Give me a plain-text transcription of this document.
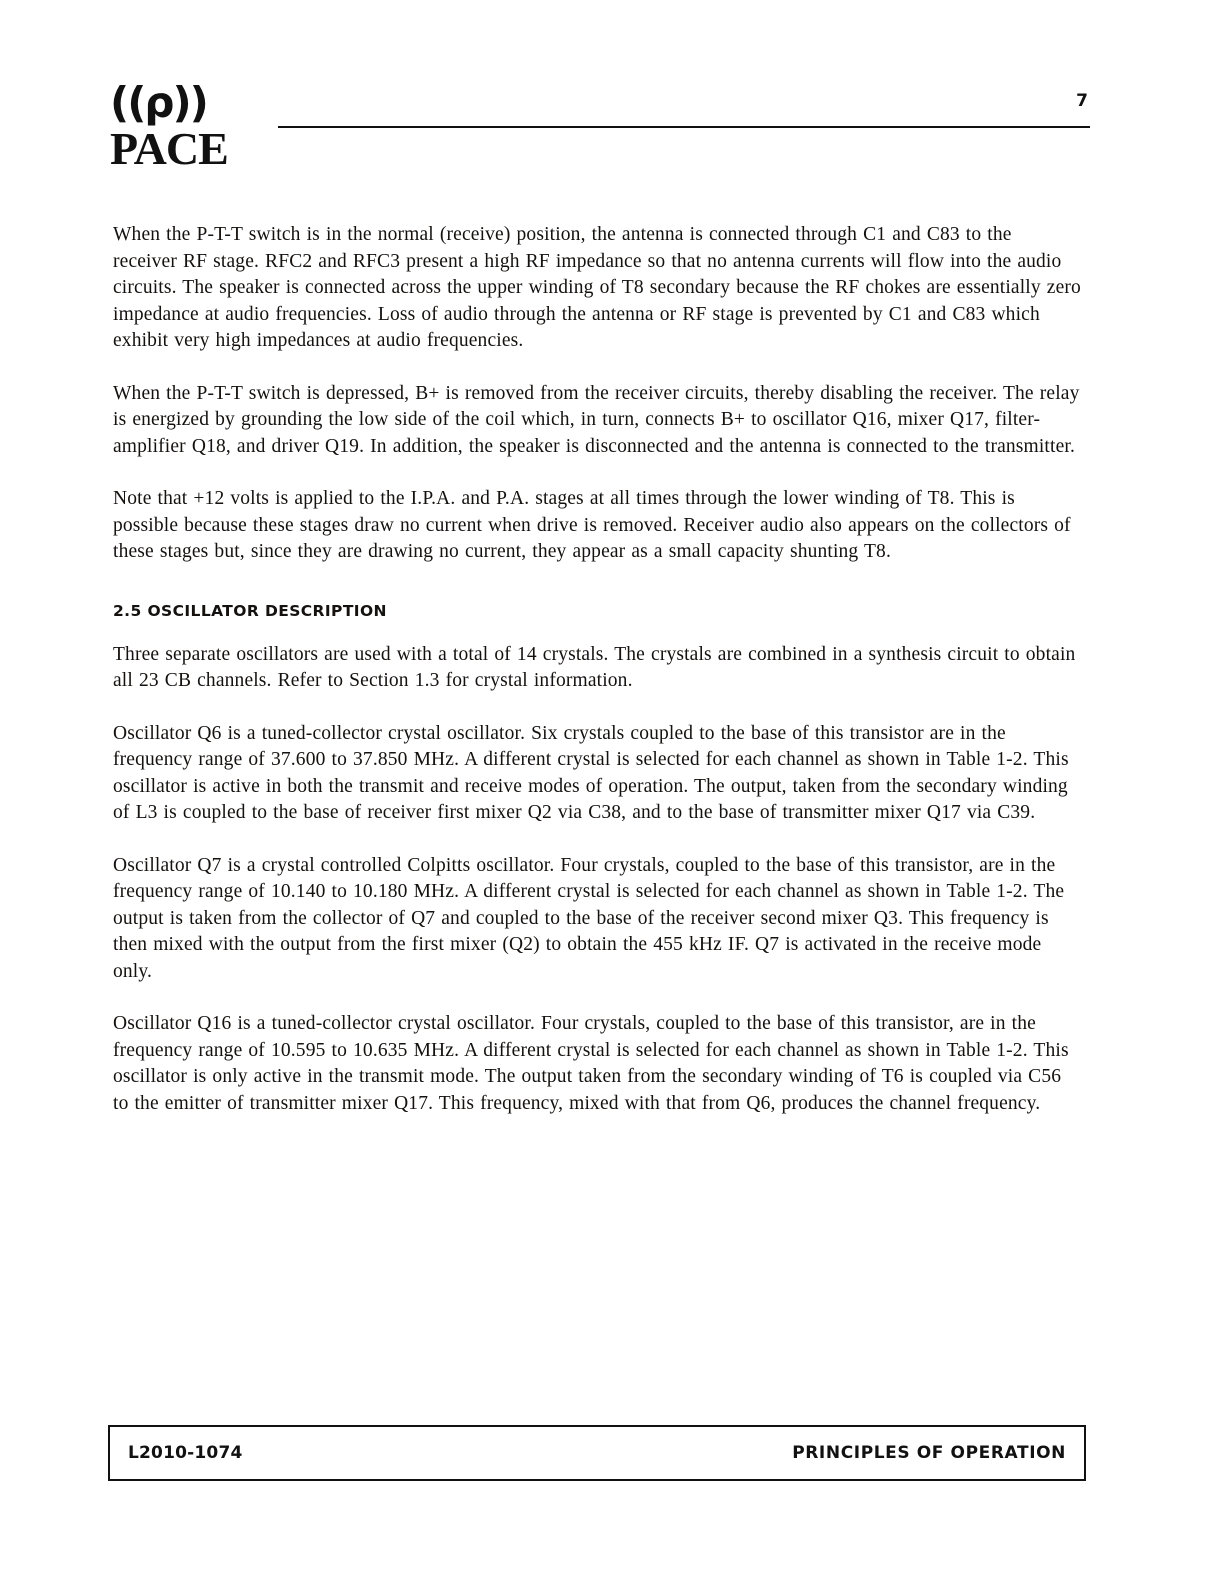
((ρ))
PACE
7

When the P-T-T switch is in the normal (receive) position, the antenna is connected through C1 and C83 to the receiver RF stage. RFC2 and RFC3 present a high RF impedance so that no antenna currents will flow into the audio circuits. The speaker is connected across the upper winding of T8 secondary because the RF chokes are essentially zero impedance at audio frequencies. Loss of audio through the antenna or RF stage is prevented by C1 and C83 which exhibit very high impedances at audio frequencies.

When the P-T-T switch is depressed, B+ is removed from the receiver circuits, thereby disabling the receiver. The relay is energized by grounding the low side of the coil which, in turn, connects B+ to oscillator Q16, mixer Q17, filter-amplifier Q18, and driver Q19. In addition, the speaker is disconnected and the antenna is connected to the transmitter.

Note that +12 volts is applied to the I.P.A. and P.A. stages at all times through the lower winding of T8. This is possible because these stages draw no current when drive is removed. Receiver audio also appears on the collectors of these stages but, since they are drawing no current, they appear as a small capacity shunting T8.

2.5 OSCILLATOR DESCRIPTION

Three separate oscillators are used with a total of 14 crystals. The crystals are combined in a synthesis circuit to obtain all 23 CB channels. Refer to Section 1.3 for crystal information.

Oscillator Q6 is a tuned-collector crystal oscillator. Six crystals coupled to the base of this transistor are in the frequency range of 37.600 to 37.850 MHz. A different crystal is selected for each channel as shown in Table 1-2. This oscillator is active in both the transmit and receive modes of operation. The output, taken from the secondary winding of L3 is coupled to the base of receiver first mixer Q2 via C38, and to the base of transmitter mixer Q17 via C39.

Oscillator Q7 is a crystal controlled Colpitts oscillator. Four crystals, coupled to the base of this transistor, are in the frequency range of 10.140 to 10.180 MHz. A different crystal is selected for each channel as shown in Table 1-2. The output is taken from the collector of Q7 and coupled to the base of the receiver second mixer Q3. This frequency is then mixed with the output from the first mixer (Q2) to obtain the 455 kHz IF. Q7 is activated in the receive mode only.

Oscillator Q16 is a tuned-collector crystal oscillator. Four crystals, coupled to the base of this transistor, are in the frequency range of 10.595 to 10.635 MHz. A different crystal is selected for each channel as shown in Table 1-2. This oscillator is only active in the transmit mode. The output taken from the secondary winding of T6 is coupled via C56 to the emitter of transmitter mixer Q17. This frequency, mixed with that from Q6, produces the channel frequency.

L2010-1074	PRINCIPLES OF OPERATION
